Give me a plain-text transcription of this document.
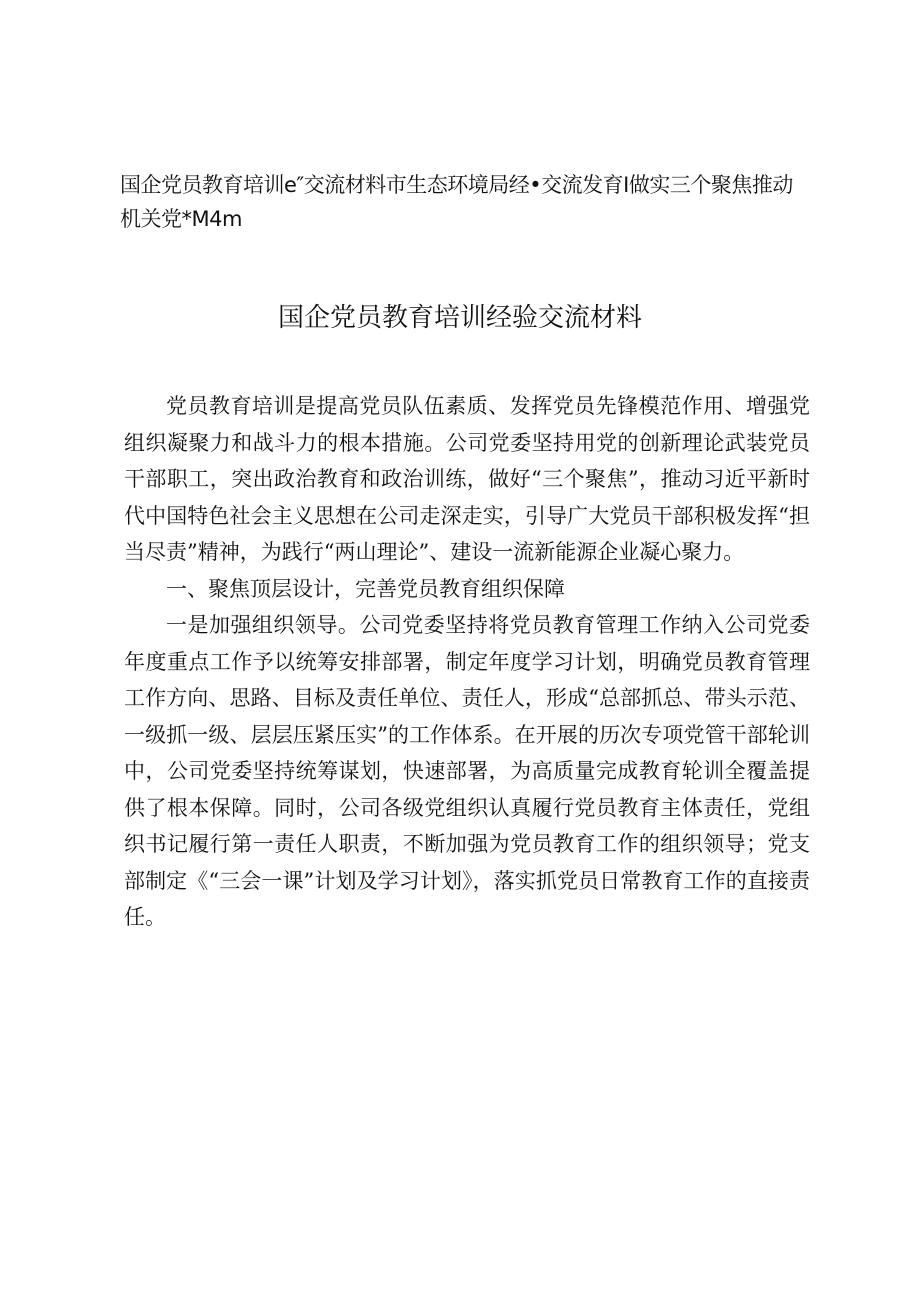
国企党员教育培训e″交流材料市生态环境局经•交流发育Ⅰ做实三个聚焦推动机关党*M4m
国企党员教育培训经验交流材料

党员教育培训是提高党员队伍素质、发挥党员先锋模范作用、增强党组织凝聚力和战斗力的根本措施。公司党委坚持用党的创新理论武装党员干部职工，突出政治教育和政治训练，做好“三个聚焦”，推动习近平新时代中国特色社会主义思想在公司走深走实，引导广大党员干部积极发挥“担当尽责”精神，为践行“两山理论”、建设一流新能源企业凝心聚力。

一、聚焦顶层设计，完善党员教育组织保障

一是加强组织领导。公司党委坚持将党员教育管理工作纳入公司党委年度重点工作予以统筹安排部署，制定年度学习计划，明确党员教育管理工作方向、思路、目标及责任单位、责任人，形成“总部抓总、带头示范、一级抓一级、层层压紧压实”的工作体系。在开展的历次专项党管干部轮训中，公司党委坚持统筹谋划，快速部署，为高质量完成教育轮训全覆盖提供了根本保障。同时，公司各级党组织认真履行党员教育主体责任，党组织书记履行第一责任人职责，不断加强为党员教育工作的组织领导；党支部制定《“三会一课”计划及学习计划》，落实抓党员日常教育工作的直接责任。
